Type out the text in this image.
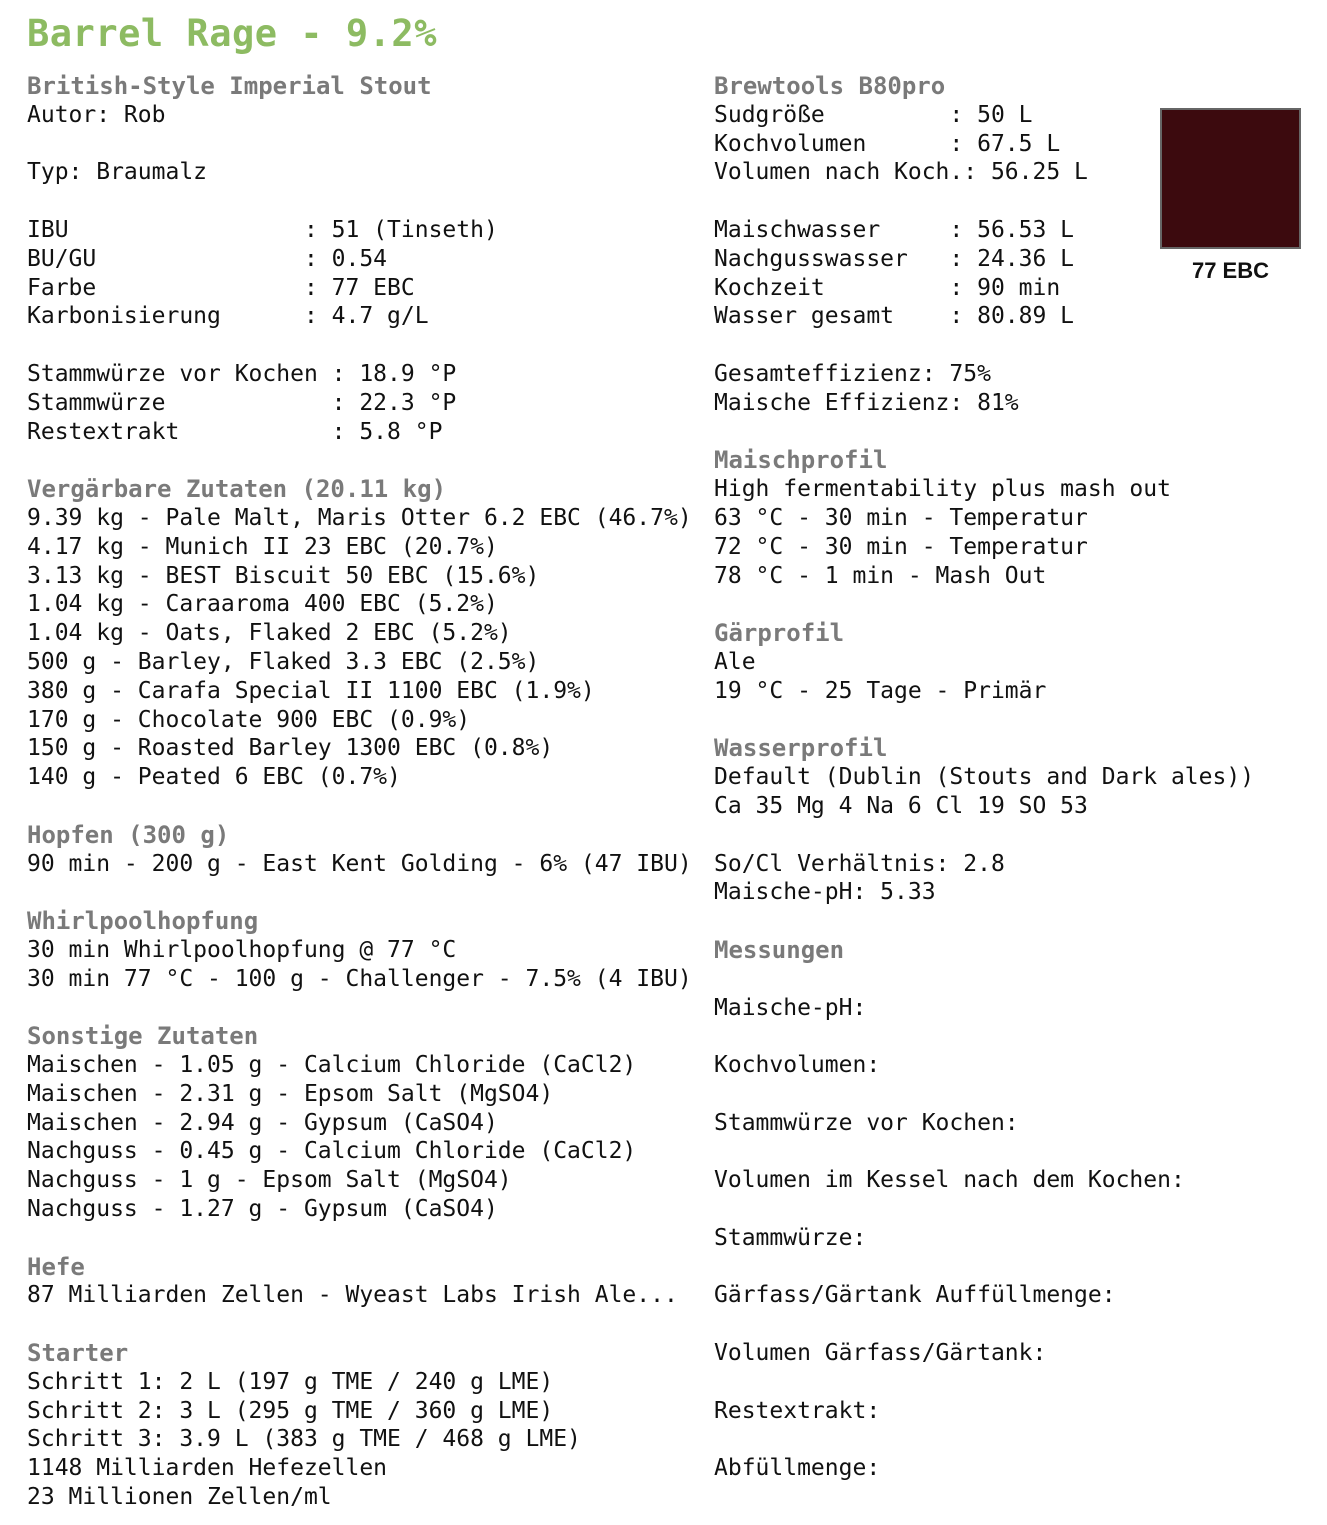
Barrel Rage - 9.2%
British-Style Imperial Stout
Autor: Rob
Typ: Braumalz
IBU                 : 51 (Tinseth)
BU/GU               : 0.54
Farbe               : 77 EBC
Karbonisierung      : 4.7 g/L
Stammwürze vor Kochen : 18.9 °P
Stammwürze            : 22.3 °P
Restextrakt           : 5.8 °P
Vergärbare Zutaten (20.11 kg)
9.39 kg - Pale Malt, Maris Otter 6.2 EBC (46.7%)
4.17 kg - Munich II 23 EBC (20.7%)
3.13 kg - BEST Biscuit 50 EBC (15.6%)
1.04 kg - Caraaroma 400 EBC (5.2%)
1.04 kg - Oats, Flaked 2 EBC (5.2%)
500 g - Barley, Flaked 3.3 EBC (2.5%)
380 g - Carafa Special II 1100 EBC (1.9%)
170 g - Chocolate 900 EBC (0.9%)
150 g - Roasted Barley 1300 EBC (0.8%)
140 g - Peated 6 EBC (0.7%)
Hopfen (300 g)
90 min - 200 g - East Kent Golding - 6% (47 IBU)
Whirlpoolhopfung
30 min Whirlpoolhopfung @ 77 °C
30 min 77 °C - 100 g - Challenger - 7.5% (4 IBU)
Sonstige Zutaten
Maischen - 1.05 g - Calcium Chloride (CaCl2)
Maischen - 2.31 g - Epsom Salt (MgSO4)
Maischen - 2.94 g - Gypsum (CaSO4)
Nachguss - 0.45 g - Calcium Chloride (CaCl2)
Nachguss - 1 g - Epsom Salt (MgSO4)
Nachguss - 1.27 g - Gypsum (CaSO4)
Hefe
87 Milliarden Zellen - Wyeast Labs Irish Ale...
Starter
Schritt 1: 2 L (197 g TME / 240 g LME)
Schritt 2: 3 L (295 g TME / 360 g LME)
Schritt 3: 3.9 L (383 g TME / 468 g LME)
1148 Milliarden Hefezellen
23 Millionen Zellen/ml
Brewtools B80pro
Sudgröße         : 50 L
Kochvolumen      : 67.5 L
Volumen nach Koch.: 56.25 L
Maischwasser     : 56.53 L
Nachgusswasser   : 24.36 L
Kochzeit         : 90 min
Wasser gesamt    : 80.89 L
Gesamteffizienz: 75%
Maische Effizienz: 81%
Maischprofil
High fermentability plus mash out
63 °C - 30 min - Temperatur
72 °C - 30 min - Temperatur
78 °C - 1 min - Mash Out
Gärprofil
Ale
19 °C - 25 Tage - Primär
Wasserprofil
Default (Dublin (Stouts and Dark ales))
Ca 35 Mg 4 Na 6 Cl 19 SO 53
So/Cl Verhältnis: 2.8
Maische-pH: 5.33
Messungen
Maische-pH:
Kochvolumen:
Stammwürze vor Kochen:
Volumen im Kessel nach dem Kochen:
Stammwürze:
Gärfass/Gärtank Auffüllmenge:
Volumen Gärfass/Gärtank:
Restextrakt:
Abfüllmenge:
77 EBC
